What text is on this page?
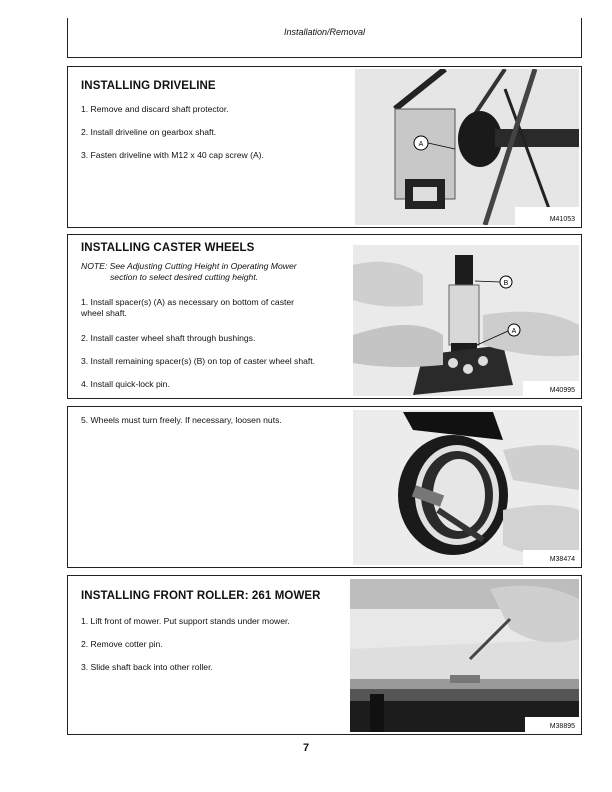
Installation/Removal
INSTALLING DRIVELINE
1. Remove and discard shaft protector.
2. Install driveline on gearbox shaft.
3. Fasten driveline with M12 x 40 cap screw (A).
A
M41053
INSTALLING CASTER WHEELS
NOTE: See Adjusting Cutting Height in Operating Mower
section to select desired cutting height.
1. Install spacer(s) (A) as necessary on bottom of caster
wheel shaft.
2. Install caster wheel shaft through bushings.
3. Install remaining spacer(s) (B) on top of caster wheel shaft.
4. Install quick-lock pin.
B
A
M40995
5. Wheels must turn freely. If necessary, loosen nuts.
M38474
INSTALLING FRONT ROLLER: 261 MOWER
1. Lift front of mower. Put support stands under mower.
2. Remove cotter pin.
3. Slide shaft back into other roller.
M38895
7
